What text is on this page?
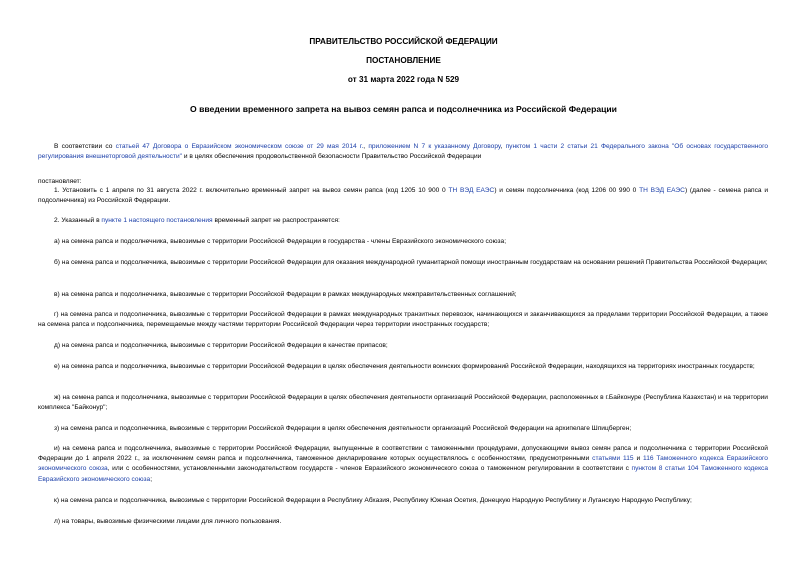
ПРАВИТЕЛЬСТВО РОССИЙСКОЙ ФЕДЕРАЦИИ
ПОСТАНОВЛЕНИЕ
от 31 марта 2022 года N 529
О введении временного запрета на вывоз семян рапса и подсолнечника из Российской Федерации
В соответствии со статьей 47 Договора о Евразийском экономическом союзе от 29 мая 2014 г., приложением N 7 к указанному Договору, пунктом 1 части 2 статьи 21 Федерального закона "Об основах государственного регулирования внешнеторговой деятельности" и в целях обеспечения продовольственной безопасности Правительство Российской Федерации
постановляет:
1. Установить с 1 апреля по 31 августа 2022 г. включительно временный запрет на вывоз семян рапса (код 1205 10 900 0 ТН ВЭД ЕАЭС) и семян подсолнечника (код 1206 00 990 0 ТН ВЭД ЕАЭС) (далее - семена рапса и подсолнечника) из Российской Федерации.
2. Указанный в пункте 1 настоящего постановления временный запрет не распространяется:
а) на семена рапса и подсолнечника, вывозимые с территории Российской Федерации в государства - члены Евразийского экономического союза;
б) на семена рапса и подсолнечника, вывозимые с территории Российской Федерации для оказания международной гуманитарной помощи иностранным государствам на основании решений Правительства Российской Федерации;
в) на семена рапса и подсолнечника, вывозимые с территории Российской Федерации в рамках международных межправительственных соглашений;
г) на семена рапса и подсолнечника, вывозимые с территории Российской Федерации в рамках международных транзитных перевозок, начинающихся и заканчивающихся за пределами территории Российской Федерации, а также на семена рапса и подсолнечника, перемещаемые между частями территории Российской Федерации через территории иностранных государств;
д) на семена рапса и подсолнечника, вывозимые с территории Российской Федерации в качестве припасов;
е) на семена рапса и подсолнечника, вывозимые с территории Российской Федерации в целях обеспечения деятельности воинских формирований Российской Федерации, находящихся на территориях иностранных государств;
ж) на семена рапса и подсолнечника, вывозимые с территории Российской Федерации в целях обеспечения деятельности организаций Российской Федерации, расположенных в г.Байконуре (Республика Казахстан) и на территории комплекса "Байконур";
з) на семена рапса и подсолнечника, вывозимые с территории Российской Федерации в целях обеспечения деятельности организаций Российской Федерации на архипелаге Шпицберген;
и) на семена рапса и подсолнечника, вывозимые с территории Российской Федерации, выпущенные в соответствии с таможенными процедурами, допускающими вывоз семян рапса и подсолнечника с территории Российской Федерации до 1 апреля 2022 г., за исключением семян рапса и подсолнечника, таможенное декларирование которых осуществлялось с особенностями, предусмотренными статьями 115 и 116 Таможенного кодекса Евразийского экономического союза, или с особенностями, установленными законодательством государств - членов Евразийского экономического союза о таможенном регулировании в соответствии с пунктом 8 статьи 104 Таможенного кодекса Евразийского экономического союза;
к) на семена рапса и подсолнечника, вывозимые с территории Российской Федерации в Республику Абхазия, Республику Южная Осетия, Донецкую Народную Республику и Луганскую Народную Республику;
л) на товары, вывозимые физическими лицами для личного пользования.
